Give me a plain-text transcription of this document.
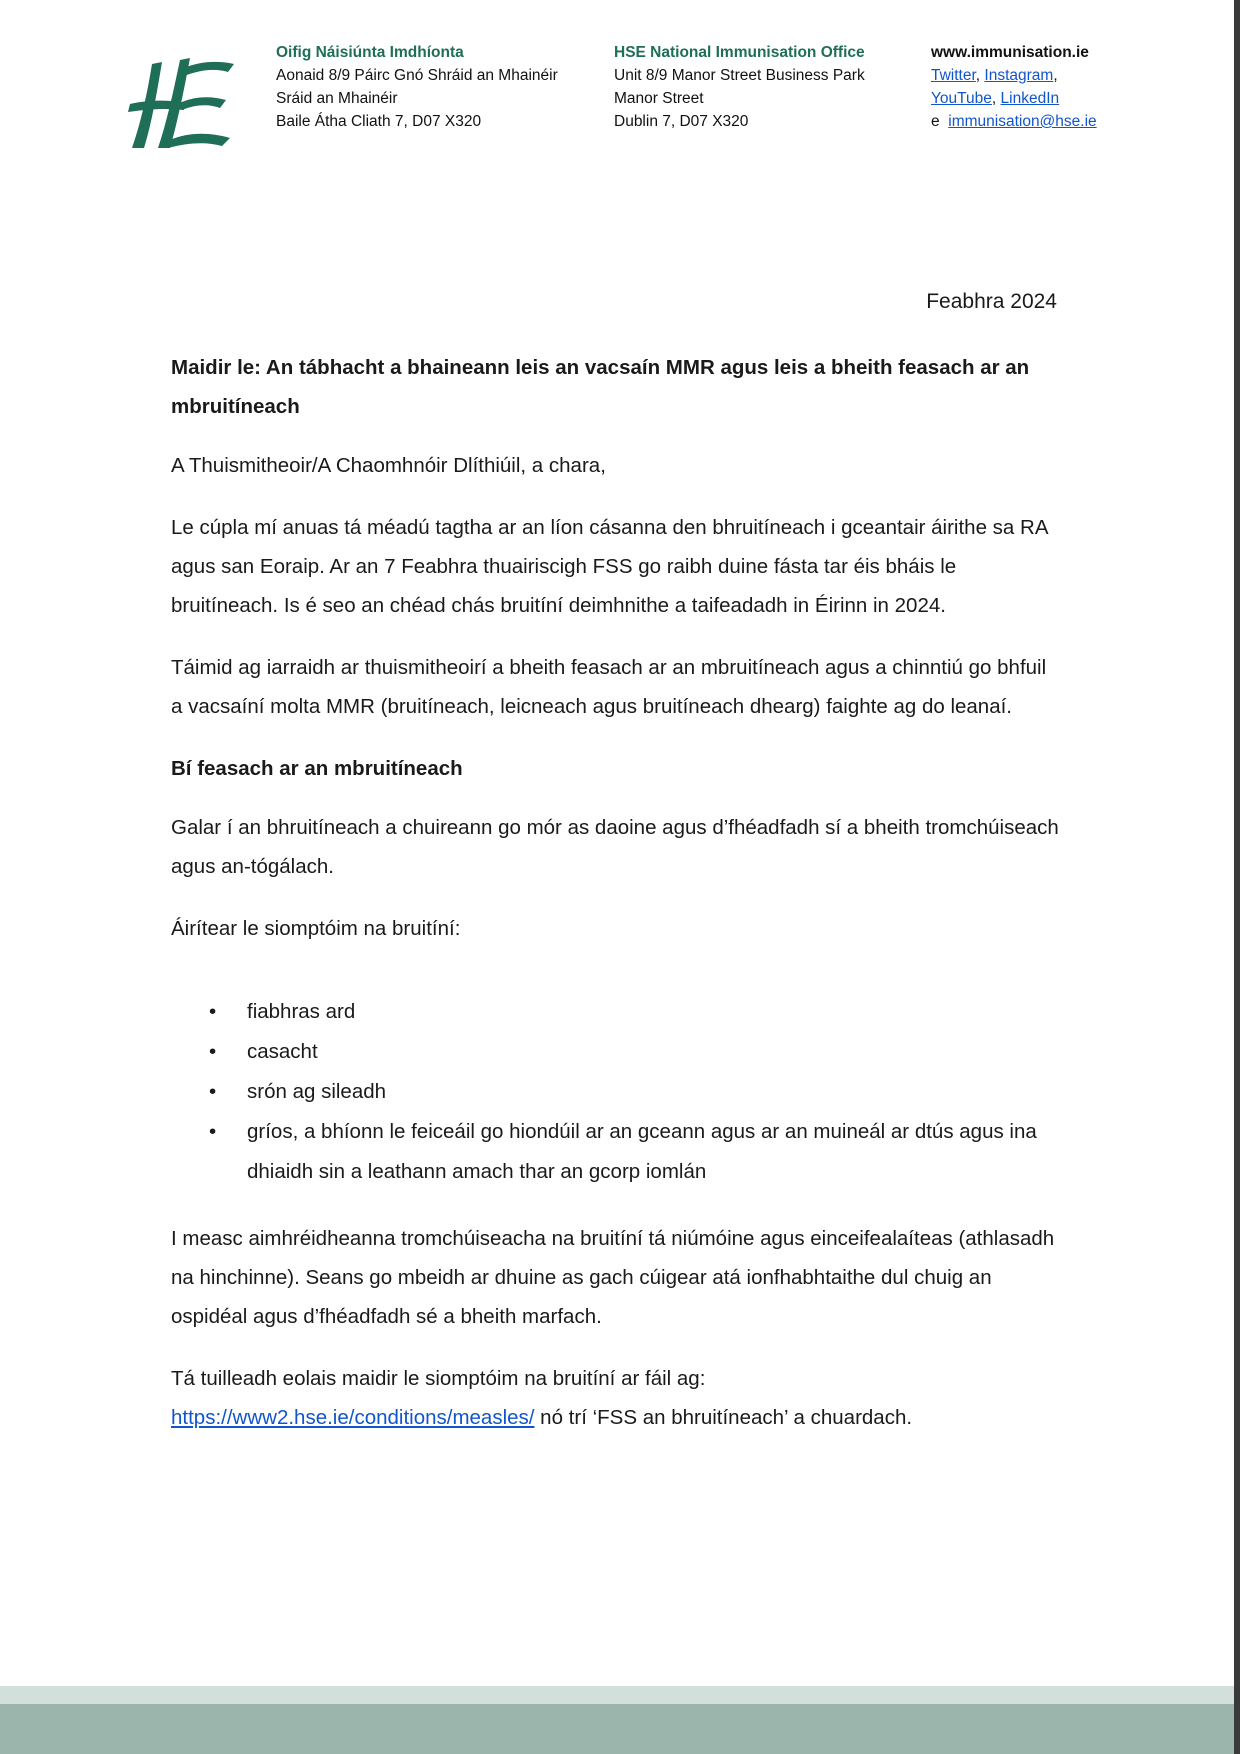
Oifig Náisiúnta Imdhíonta
Aonaid 8/9 Páirc Gnó Shráid an Mhainéir
Sráid an Mhainéir
Baile Átha Cliath 7, D07 X320
HSE National Immunisation Office
Unit 8/9 Manor Street Business Park
Manor Street
Dublin 7, D07 X320
www.immunisation.ie
Twitter, Instagram,
YouTube, LinkedIn
e immunisation@hse.ie
Feabhra 2024

Maidir le: An tábhacht a bhaineann leis an vacsaín MMR agus leis a bheith feasach ar an mbruitíneach

A Thuismitheoir/A Chaomhnóir Dlíthiúil, a chara,

Le cúpla mí anuas tá méadú tagtha ar an líon cásanna den bhruitíneach i gceantair áirithe sa RA agus san Eoraip. Ar an 7 Feabhra thuairiscigh FSS go raibh duine fásta tar éis bháis le bruitíneach. Is é seo an chéad chás bruitíní deimhnithe a taifeadadh in Éirinn in 2024.

Táimid ag iarraidh ar thuismitheoirí a bheith feasach ar an mbruitíneach agus a chinntiú go bhfuil a vacsaíní molta MMR (bruitíneach, leicneach agus bruitíneach dhearg) faighte ag do leanaí.

Bí feasach ar an mbruitíneach

Galar í an bhruitíneach a chuireann go mór as daoine agus d’fhéadfadh sí a bheith tromchúiseach agus an-tógálach.

Áirítear le siomptóim na bruitíní:

• fiabhras ard
• casacht
• srón ag sileadh
• gríos, a bhíonn le feiceáil go hiondúil ar an gceann agus ar an muineál ar dtús agus ina dhiaidh sin a leathann amach thar an gcorp iomlán

I measc aimhréidheanna tromchúiseacha na bruitíní tá niúmóine agus einceifealaíteas (athlasadh na hinchinne). Seans go mbeidh ar dhuine as gach cúigear atá ionfhabhtaithe dul chuig an ospidéal agus d’fhéadfadh sé a bheith marfach.

Tá tuilleadh eolais maidir le siomptóim na bruitíní ar fáil ag:
https://www2.hse.ie/conditions/measles/ nó trí ‘FSS an bhruitíneach’ a chuardach.
